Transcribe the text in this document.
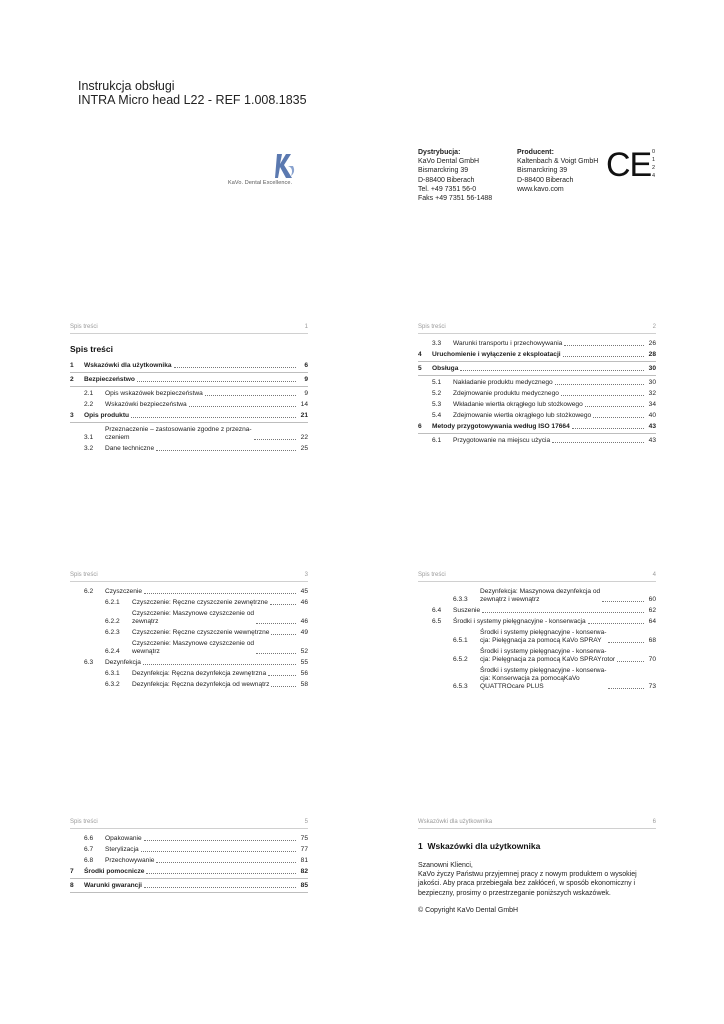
Instrukcja obsługi
INTRA Micro head L22 - REF 1.008.1835
KaVo. Dental Excellence.
Dystrybucja:
KaVo Dental GmbH
Bismarckring 39
D-88400 Biberach
Tel. +49 7351 56-0
Faks +49 7351 56-1488
Producent:
Kaltenbach & Voigt GmbH
Bismarckring 39
D-88400 Biberach
www.kavo.com
CE 0
1
2
4
Spis treści	1
Spis treści
1	Wskazówki dla użytkownika	6
2	Bezpieczeństwo	9
2.1	Opis wskazówek bezpieczeństwa	9
2.2	Wskazówki bezpieczeństwa	14
3	Opis produktu	21
3.1
Przeznaczenie – zastosowanie zgodne z przezna-
czeniem	22
3.2	Dane techniczne	25
Spis treści	2
3.3	Warunki transportu i przechowywania	26
4	Uruchomienie i wyłączenie z eksploatacji	28
5	Obsługa	30
5.1	Nakładanie produktu medycznego	30
5.2	Zdejmowanie produktu medycznego	32
5.3	Wkładanie wiertła okrągłego lub stożkowego	34
5.4	Zdejmowanie wiertła okrągłego lub stożkowego	40
6	Metody przygotowywania według ISO 17664	43
6.1	Przygotowanie na miejscu użycia	43
Spis treści	3
6.2	Czyszczenie	45
6.2.1	Czyszczenie: Ręczne czyszczenie zewnętrzne	46
6.2.2
Czyszczenie: Maszynowe czyszczenie od
zewnątrz	46
6.2.3	Czyszczenie: Ręczne czyszczenie wewnętrzne	49
6.2.4
Czyszczenie: Maszynowe czyszczenie od
wewnątrz	52
6.3	Dezynfekcja	55
6.3.1	Dezynfekcja: Ręczna dezynfekcja zewnętrzna	56
6.3.2	Dezynfekcja: Ręczna dezynfekcja od wewnątrz	58
Spis treści	4
6.3.3
Dezynfekcja: Maszynowa dezynfekcja od
zewnątrz i wewnątrz	60
6.4	Suszenie	62
6.5	Środki i systemy pielęgnacyjne - konserwacja	64
6.5.1
Środki i systemy pielęgnacyjne - konserwa-
cja: Pielęgnacja za pomocą KaVo SPRAY	68
6.5.2
Środki i systemy pielęgnacyjne - konserwa-
cja: Pielęgnacja za pomocą KaVo SPRAYrotor	70
6.5.3
Środki i systemy pielęgnacyjne - konserwa-
cja: Konserwacja za pomocąKaVo
QUATTROcare PLUS	73
Spis treści	5
6.6	Opakowanie	75
6.7	Sterylizacja	77
6.8	Przechowywanie	81
7	Środki pomocnicze	82
8	Warunki gwarancji	85
Wskazówki dla użytkownika	6
1 Wskazówki dla użytkownika
Szanowni Klienci,
KaVo życzy Państwu przyjemnej pracy z nowym produktem o wysokiej jakości. Aby praca przebiegała bez zakłóceń, w sposób ekonomiczny i bezpieczny, prosimy o przestrzeganie poniższych wskazówek.
© Copyright KaVo Dental GmbH
